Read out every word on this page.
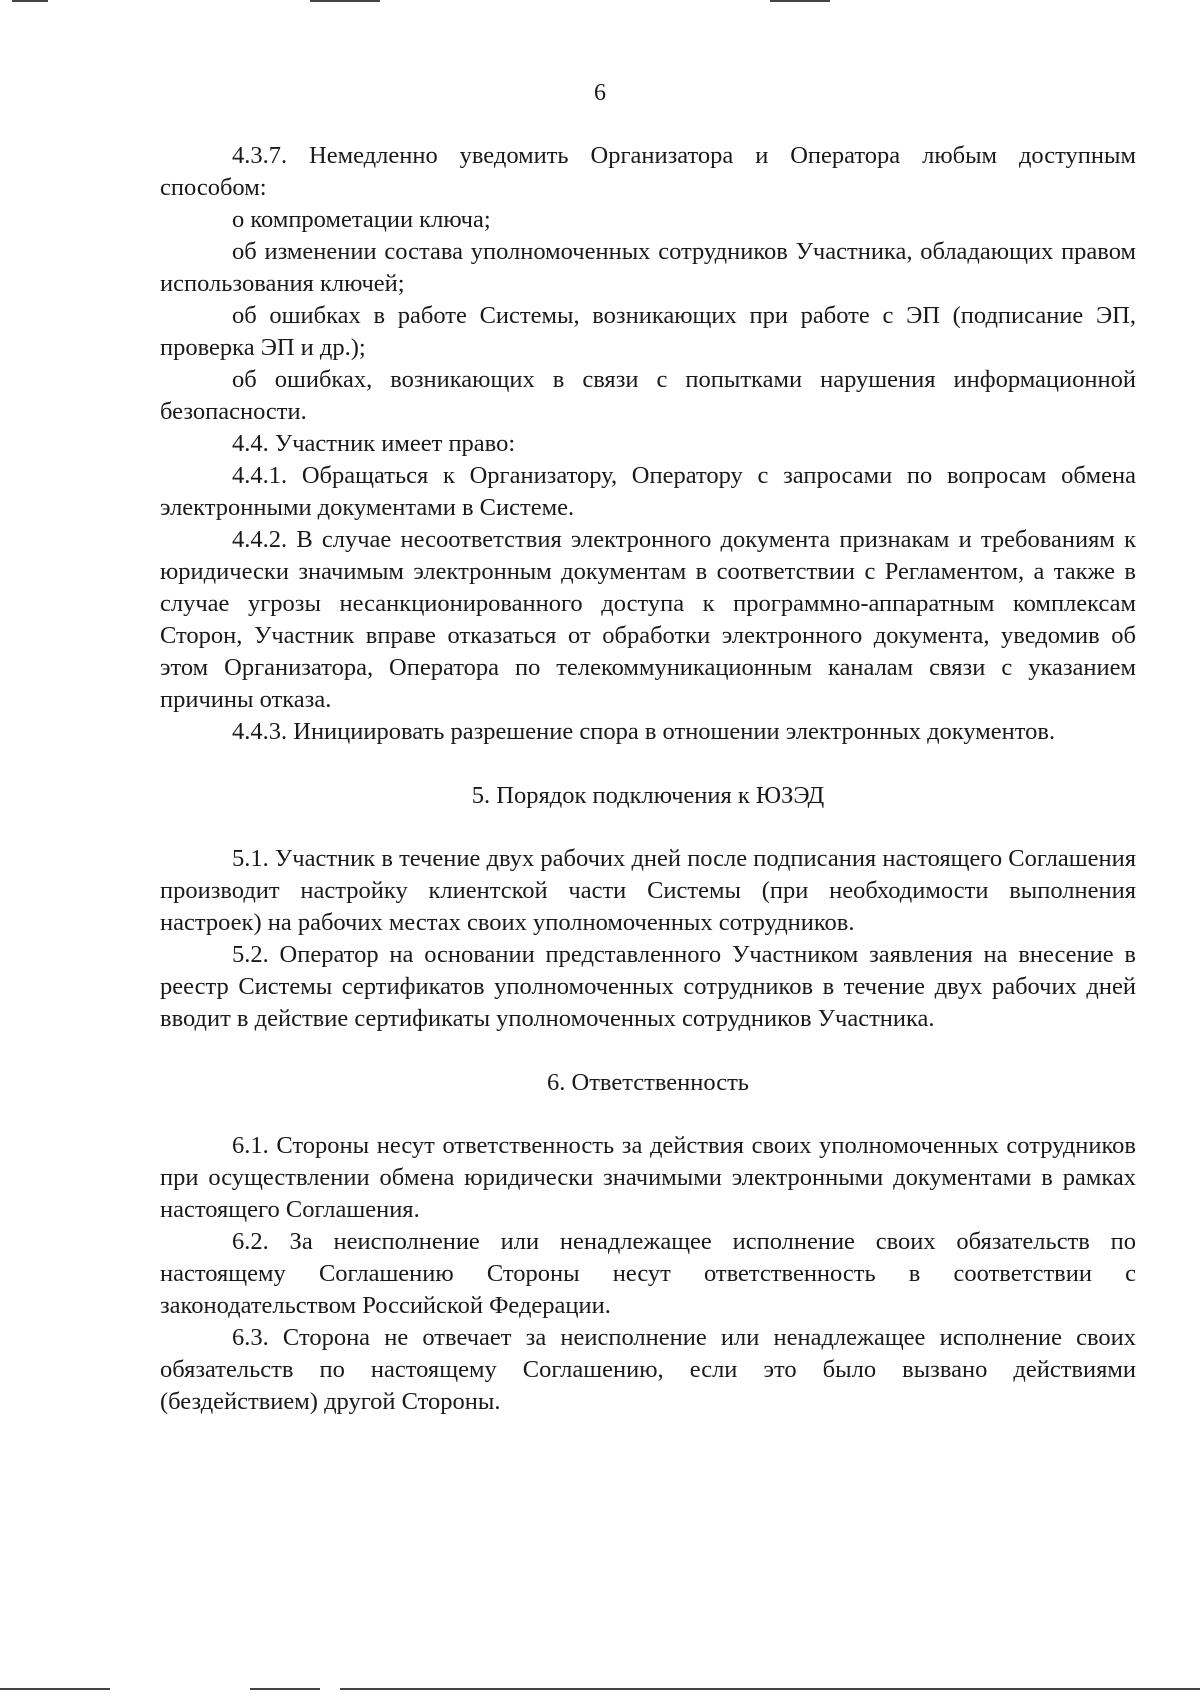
6

4.3.7. Немедленно уведомить Организатора и Оператора любым доступным способом:

о компрометации ключа;

об изменении состава уполномоченных сотрудников Участника, обладающих правом использования ключей;

об ошибках в работе Системы, возникающих при работе с ЭП (подписание ЭП, проверка ЭП и др.);

об ошибках, возникающих в связи с попытками нарушения информационной безопасности.

4.4. Участник имеет право:

4.4.1. Обращаться к Организатору, Оператору с запросами по вопросам обмена электронными документами в Системе.

4.4.2. В случае несоответствия электронного документа признакам и требованиям к юридически значимым электронным документам в соответствии с Регламентом, а также в случае угрозы несанкционированного доступа к программно-аппаратным комплексам Сторон, Участник вправе отказаться от обработки электронного документа, уведомив об этом Организатора, Оператора по телекоммуникационным каналам связи с указанием причины отказа.

4.4.3. Инициировать разрешение спора в отношении электронных документов.

5. Порядок подключения к ЮЗЭД

5.1. Участник в течение двух рабочих дней после подписания настоящего Соглашения производит настройку клиентской части Системы (при необходимости выполнения настроек) на рабочих местах своих уполномоченных сотрудников.

5.2. Оператор на основании представленного Участником заявления на внесение в реестр Системы сертификатов уполномоченных сотрудников в течение двух рабочих дней вводит в действие сертификаты уполномоченных сотрудников Участника.

6. Ответственность

6.1. Стороны несут ответственность за действия своих уполномоченных сотрудников при осуществлении обмена юридически значимыми электронными документами в рамках настоящего Соглашения.

6.2. За неисполнение или ненадлежащее исполнение своих обязательств по настоящему Соглашению Стороны несут ответственность в соответствии с законодательством Российской Федерации.

6.3. Сторона не отвечает за неисполнение или ненадлежащее исполнение своих обязательств по настоящему Соглашению, если это было вызвано действиями (бездействием) другой Стороны.
